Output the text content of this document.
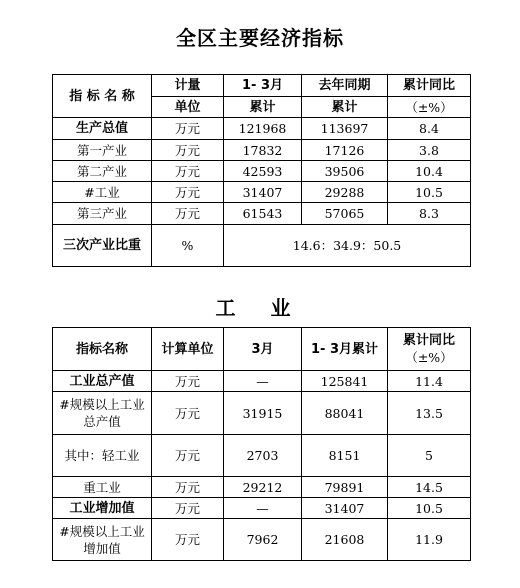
全区主要经济指标
指 标 名 称	计量	1- 3月	去年同期	累计同比
	单位	累计	累计	（±%）
生产总值	万元	121968	113697	8.4
第一产业	万元	17832	17126	3.8
第二产业	万元	42593	39506	10.4
#工业	万元	31407	29288	10.5
第三产业	万元	61543	57065	8.3
三次产业比重	%	14.6：34.9：50.5		
工 业
指标名称	计算单位	3月	1- 3月累计	累计同比
（±%）

工业总产值	万元	—	125841	11.4
#规模以上工业总产值	万元	31915	88041	13.5
其中：轻工业	万元	2703	8151	5
重工业	万元	29212	79891	14.5
工业增加值	万元	—	31407	10.5
#规模以上工业增加值	万元	7962	21608	11.9
